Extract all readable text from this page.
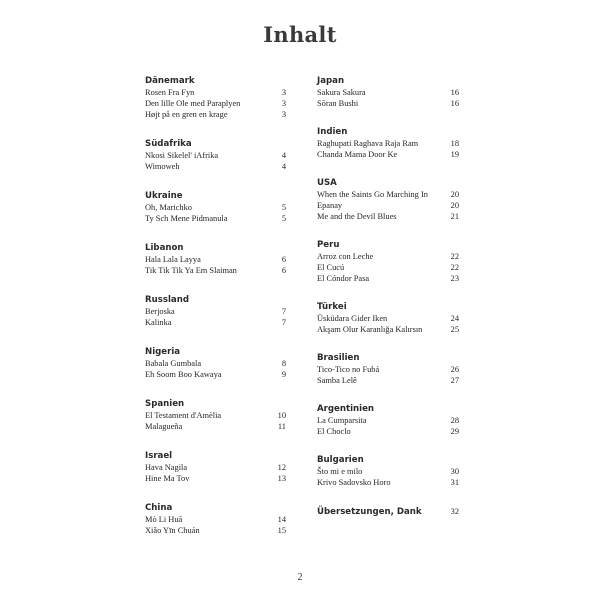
Inhalt
Dänemark
Rosen Fra Fyn	3
Den lille Ole med Paraplyen	3
Højt på en gren en krage	3
Südafrika
Nkosi Sikelel' iAfrika	4
Wimoweh	4
Ukraine
Oh, Marichko	5
Ty Sch Mene Pidmanula	5
Libanon
Hala Lala Layya	6
Tik Tik Tik Ya Em Slaiman	6
Russland
Berjoska	7
Kalinka	7
Nigeria
Babala Gumbala	8
Eh Soom Boo Kawaya	9
Spanien
El Testament d'Amèlia	10
Malagueña	11
Israel
Hava Nagila	12
Hine Ma Tov	13
China
Mò Li Huā	14
Xiǎo Yīn Chuán	15
Japan
Sakura Sakura	16
Sōran Bushi	16
Indien
Raghupati Raghava Raja Ram	18
Chanda Mama Door Ke	19
USA
When the Saints Go Marching In	20
Epanay	20
Me and the Devil Blues	21
Peru
Arroz con Leche	22
El Cucú	22
El Cóndor Pasa	23
Türkei
Üsküdara Gider Iken	24
Akşam Olur Karanlığa Kalırsın	25
Brasilien
Tico-Tico no Fubá	26
Samba Lelê	27
Argentinien
La Cumparsita	28
El Choclo	29
Bulgarien
Što mi e milo	30
Krivo Sadovsko Horo	31
Übersetzungen, Dank	32
2
